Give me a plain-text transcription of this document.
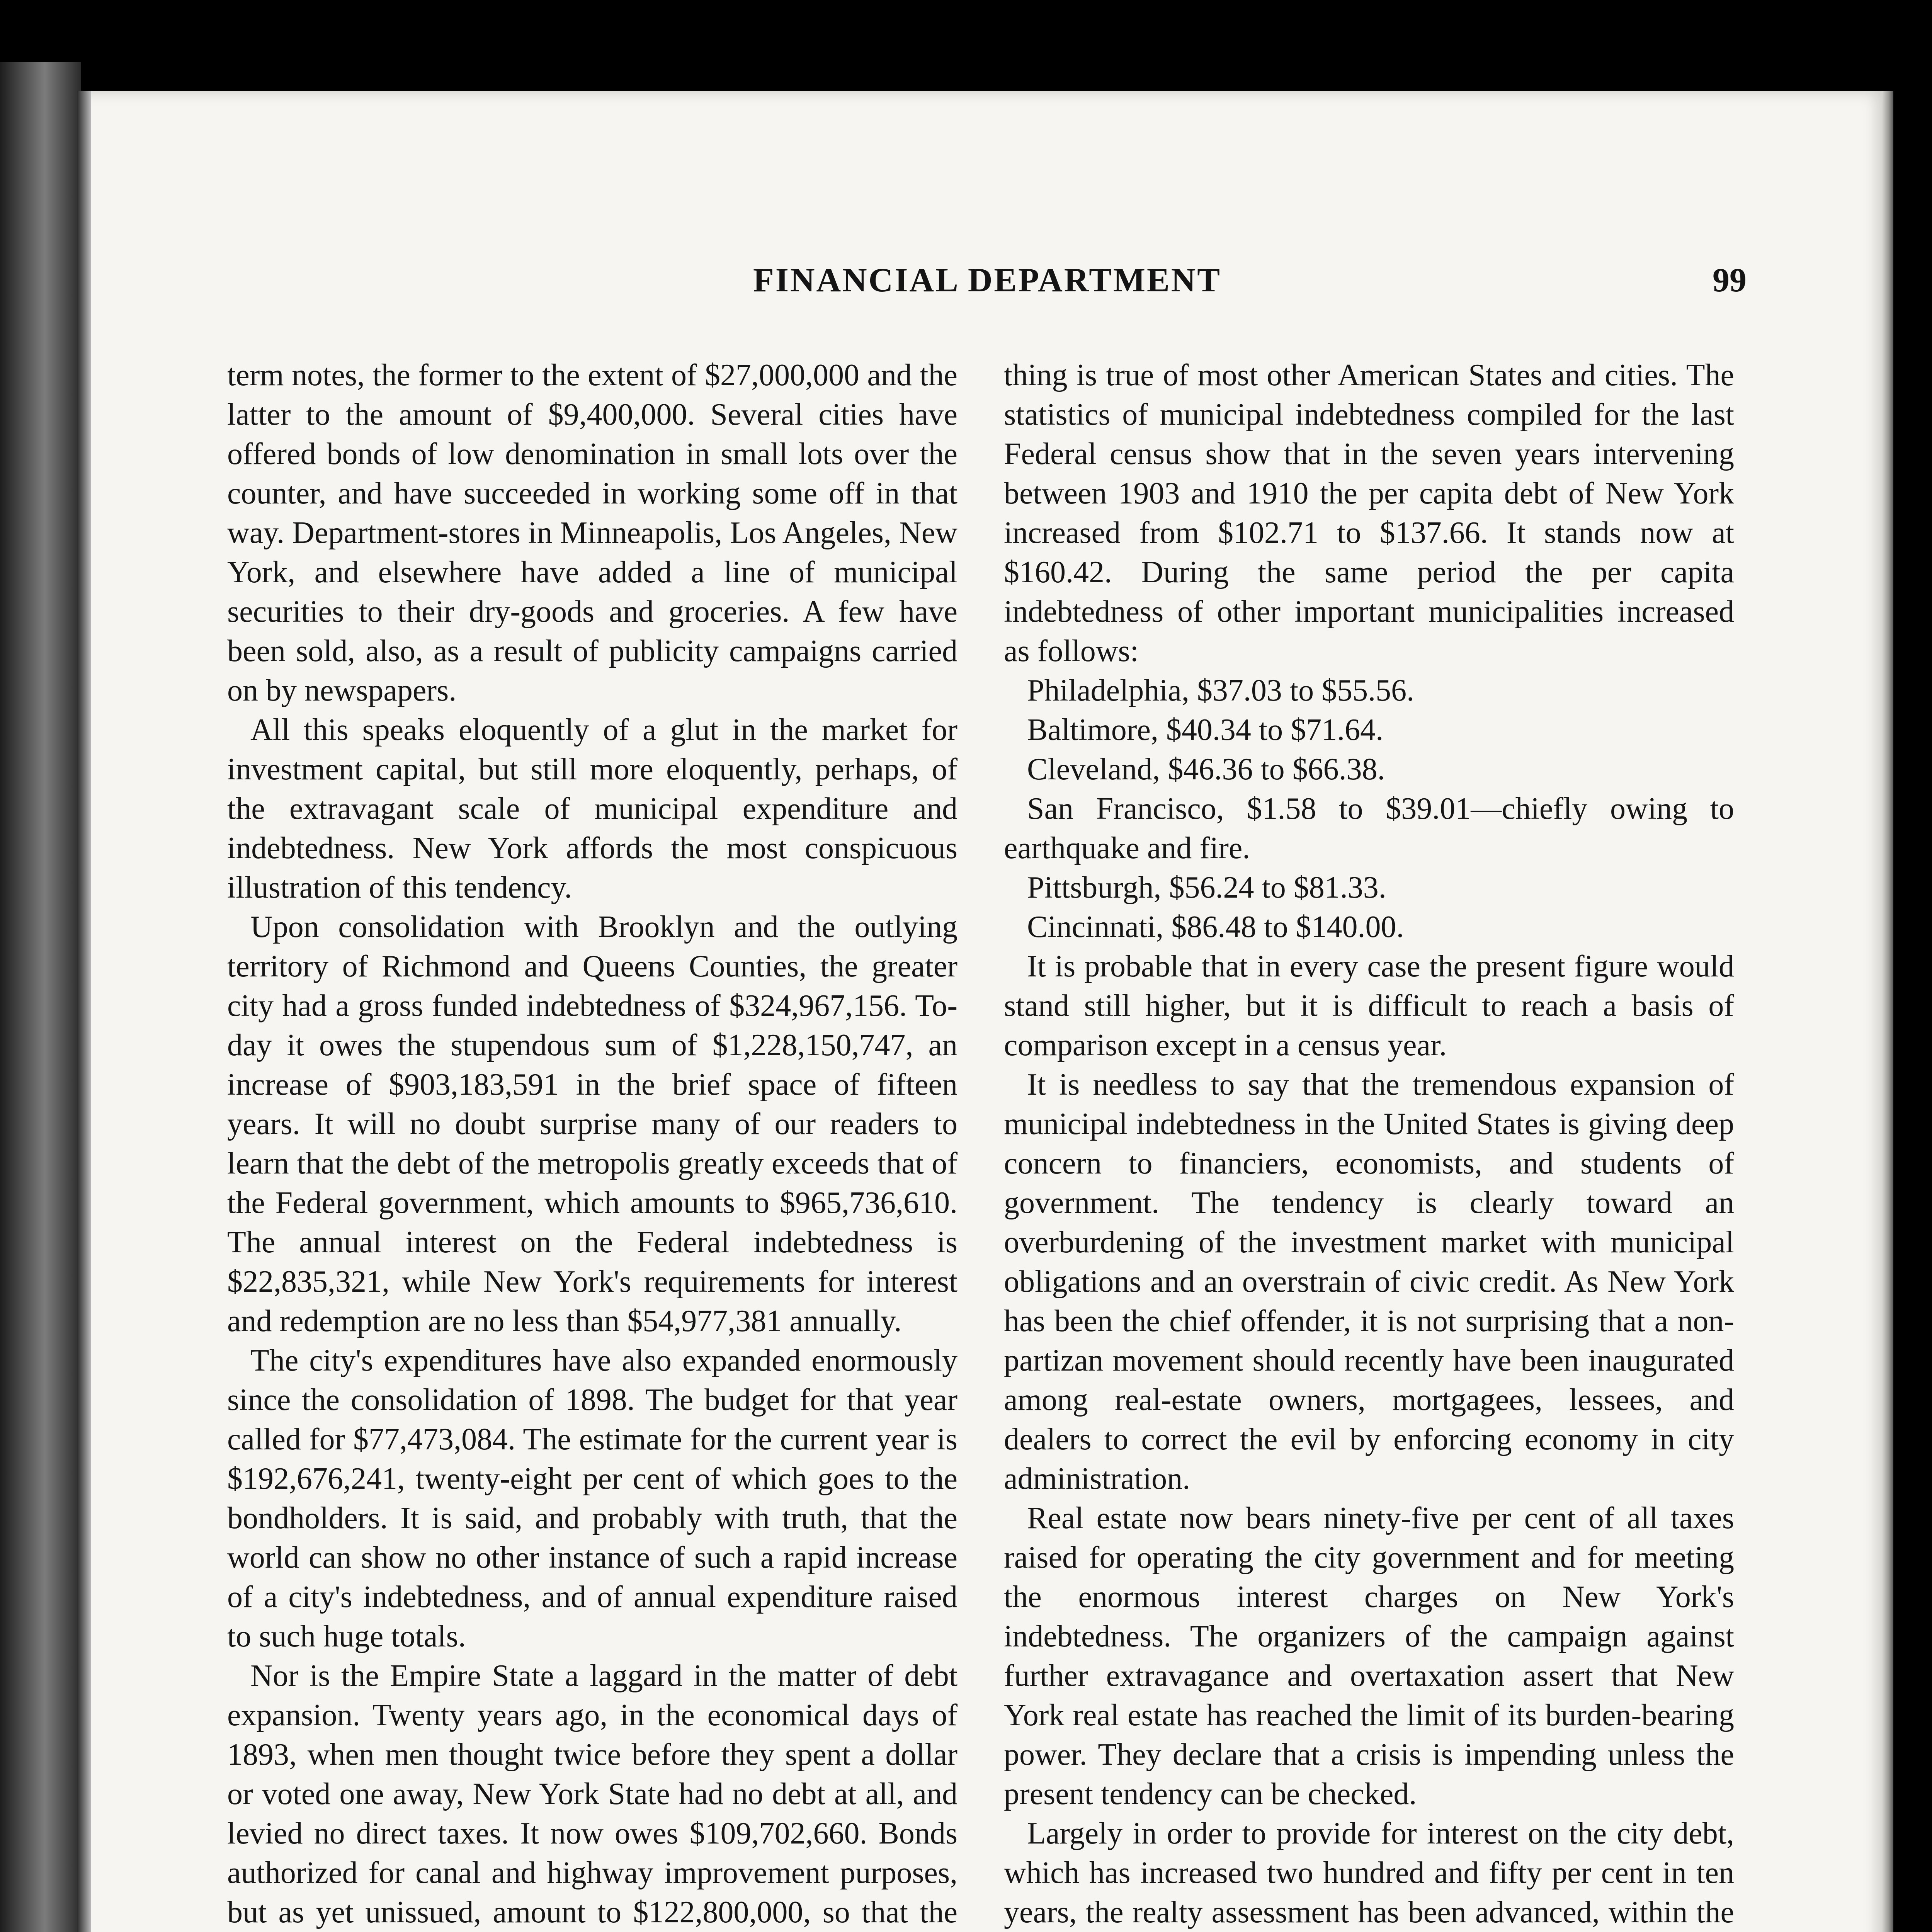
FINANCIAL DEPARTMENT	99

term notes, the former to the extent of $27,000,000 and the latter to the amount of $9,400,000. Several cities have offered bonds of low denomination in small lots over the counter, and have succeeded in working some off in that way. Department-stores in Minneapolis, Los Angeles, New York, and elsewhere have added a line of municipal securities to their dry-goods and groceries. A few have been sold, also, as a result of publicity campaigns carried on by newspapers.

All this speaks eloquently of a glut in the market for investment capital, but still more eloquently, perhaps, of the extravagant scale of municipal expenditure and indebtedness. New York affords the most conspicuous illustration of this tendency.

Upon consolidation with Brooklyn and the outlying territory of Richmond and Queens Counties, the greater city had a gross funded indebtedness of $324,967,156. To-day it owes the stupendous sum of $1,228,150,747, an increase of $903,183,591 in the brief space of fifteen years. It will no doubt surprise many of our readers to learn that the debt of the metropolis greatly exceeds that of the Federal government, which amounts to $965,736,610. The annual interest on the Federal indebtedness is $22,835,321, while New York's requirements for interest and redemption are no less than $54,977,381 annually.

The city's expenditures have also expanded enormously since the consolidation of 1898. The budget for that year called for $77,473,084. The estimate for the current year is $192,676,241, twenty-eight per cent of which goes to the bondholders. It is said, and probably with truth, that the world can show no other instance of such a rapid increase of a city's indebtedness, and of annual expenditure raised to such huge totals.

Nor is the Empire State a laggard in the matter of debt expansion. Twenty years ago, in the economical days of 1893, when men thought twice before they spent a dollar or voted one away, New York State had no debt at all, and levied no direct taxes. It now owes $109,702,660. Bonds authorized for canal and highway improvement purposes, but as yet unissued, amount to $122,800,000, so that the

thing is true of most other American States and cities. The statistics of municipal indebtedness compiled for the last Federal census show that in the seven years intervening between 1903 and 1910 the per capita debt of New York increased from $102.71 to $137.66. It stands now at $160.42. During the same period the per capita indebtedness of other important municipalities increased as follows:

Philadelphia, $37.03 to $55.56.

Baltimore, $40.34 to $71.64.

Cleveland, $46.36 to $66.38.

San Francisco, $1.58 to $39.01—chiefly owing to earthquake and fire.

Pittsburgh, $56.24 to $81.33.

Cincinnati, $86.48 to $140.00.

It is probable that in every case the present figure would stand still higher, but it is difficult to reach a basis of comparison except in a census year.

It is needless to say that the tremendous expansion of municipal indebtedness in the United States is giving deep concern to financiers, economists, and students of government. The tendency is clearly toward an overburdening of the investment market with municipal obligations and an overstrain of civic credit. As New York has been the chief offender, it is not surprising that a non-partizan movement should recently have been inaugurated among real-estate owners, mortgagees, lessees, and dealers to correct the evil by enforcing economy in city administration.

Real estate now bears ninety-five per cent of all taxes raised for operating the city government and for meeting the enormous interest charges on New York's indebtedness. The organizers of the campaign against further extravagance and overtaxation assert that New York real estate has reached the limit of its burden-bearing power. They declare that a crisis is impending unless the present tendency can be checked.

Largely in order to provide for interest on the city debt, which has increased two hundred and fifty per cent in ten years, the realty assessment has been advanced, within the
